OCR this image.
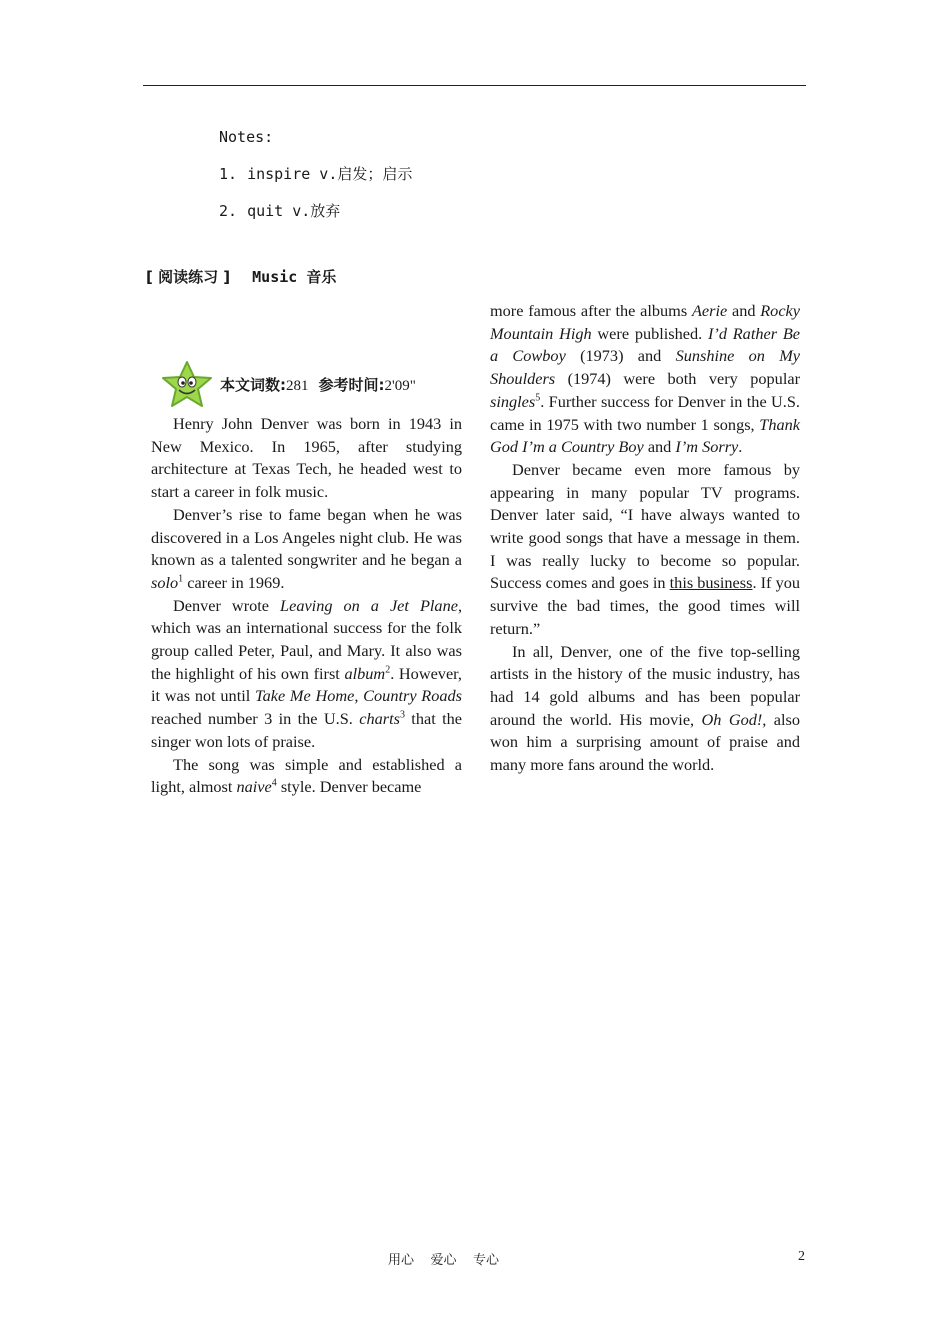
Notes:
1. inspire v.启发；启示
2. quit v.放弃
[ 阅读练习 ] Music 音乐
本文词数:281 参考时间:2'09"

Henry John Denver was born in 1943 in New Mexico. In 1965, after studying architecture at Texas Tech, he headed west to start a career in folk music.

Denver’s rise to fame began when he was discovered in a Los Angeles night club. He was known as a talented songwriter and he began a solo$^1$ career in 1969.

Denver wrote Leaving on a Jet Plane, which was an international success for the folk group called Peter, Paul, and Mary. It also was the highlight of his own first album$^2$. However, it was not until Take Me Home, Country Roads reached number 3 in the U.S. charts$^3$ that the singer won lots of praise.

The song was simple and established a light, almost naive$^4$ style. Denver became

more famous after the albums Aerie and Rocky Mountain High were published. I’d Rather Be a Cowboy (1973) and Sunshine on My Shoulders (1974) were both very popular singles$^5$. Further success for Denver in the U.S. came in 1975 with two number 1 songs, Thank God I’m a Country Boy and I’m Sorry.

Denver became even more famous by appearing in many popular TV programs. Denver later said, “I have always wanted to write good songs that have a message in them. I was really lucky to become so popular. Success comes and goes in this business. If you survive the bad times, the good times will return.”

In all, Denver, one of the five top-selling artists in the history of the music industry, has had 14 gold albums and has been popular around the world. His movie, Oh God!, also won him a surprising amount of praise and many more fans around the world.

用心    爱心    专心	2
